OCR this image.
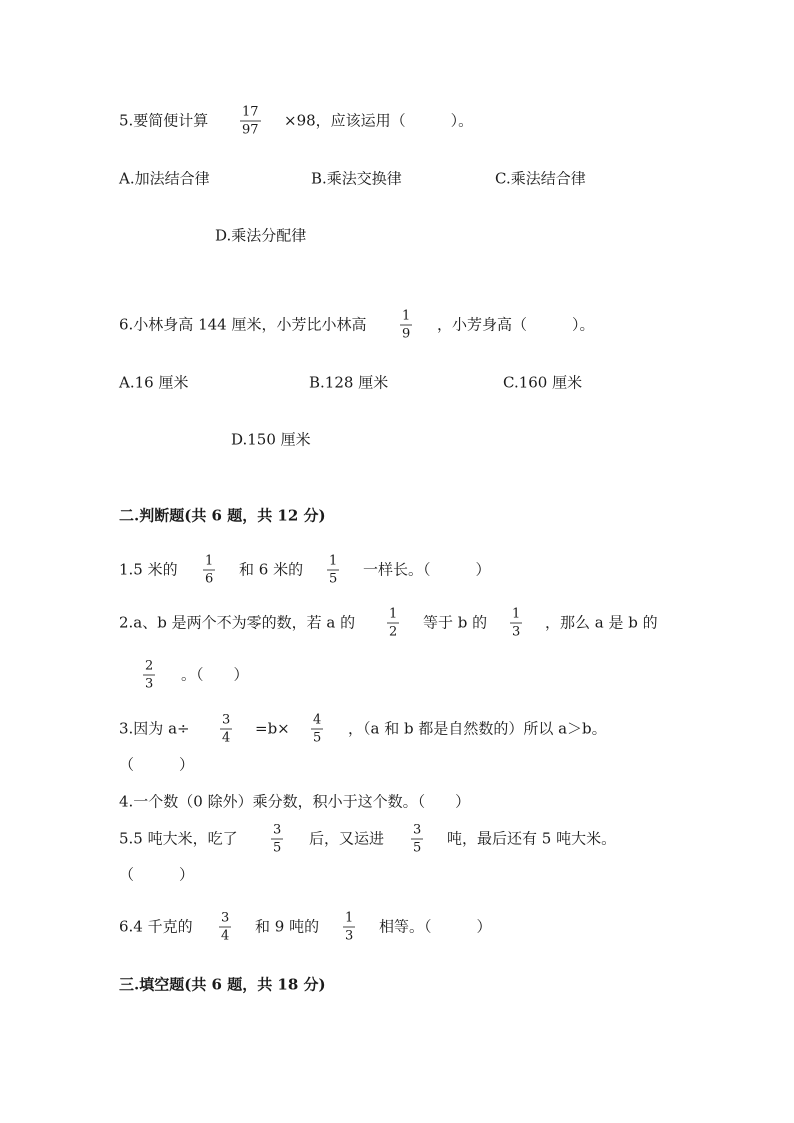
5.要简便计算	17
97
×98，应该运用（　　　）。
A.加法结合律	B.乘法交换律	C.乘法结合律
D.乘法分配律
6.小林身高 144 厘米，小芳比小林高	1
9
，小芳身高（　　　）。
A.16 厘米	B.128 厘米	C.160 厘米
D.150 厘米
二.判断题(共 6 题，共 12 分)
1.5 米的 1
6
和 6 米的 1
5
一样长。（　　　）
2.a、b 是两个不为零的数，若 a 的	1
2
等于 b 的 1
3
，那么 a 是 b 的
2
3
。（　　）
3.因为 a÷ 3
4
=b× 4
5
，（a 和 b 都是自然数的）所以 a＞b。
（　　　）
4.一个数（0 除外）乘分数，积小于这个数。（　　）
5.5 吨大米，吃了	3
5
后，又运进 3
5
吨，最后还有 5 吨大米。
（　　　）
6.4 千克的 3
4
和 9 吨的 1
3
相等。（　　　）
三.填空题(共 6 题，共 18 分)
